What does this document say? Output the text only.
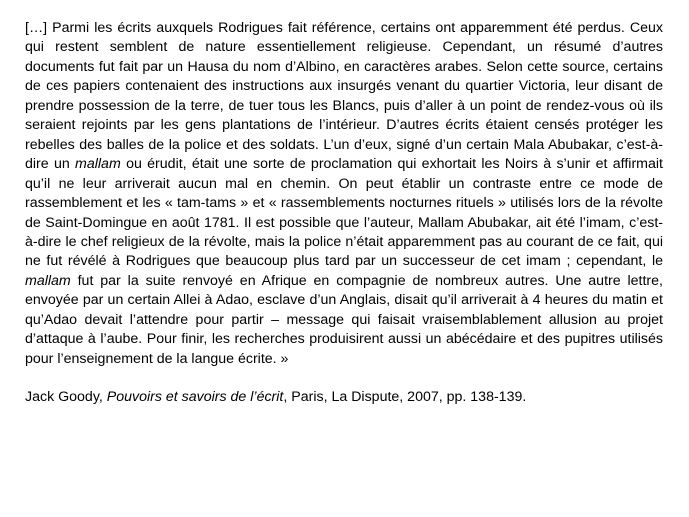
[…] Parmi les écrits auxquels Rodrigues fait référence, certains ont apparemment été perdus. Ceux qui restent semblent de nature essentiellement religieuse. Cependant, un résumé d’autres documents fut fait par un Hausa du nom d’Albino, en caractères arabes. Selon cette source, certains de ces papiers contenaient des instructions aux insurgés venant du quartier Victoria, leur disant de prendre possession de la terre, de tuer tous les Blancs, puis d’aller à un point de rendez-vous où ils seraient rejoints par les gens plantations de l’intérieur. D’autres écrits étaient censés protéger les rebelles des balles de la police et des soldats. L’un d’eux, signé d’un certain Mala Abubakar, c’est-à-dire un mallam ou érudit, était une sorte de proclamation qui exhortait les Noirs à s’unir et affirmait qu’il ne leur arriverait aucun mal en chemin. On peut établir un contraste entre ce mode de rassemblement et les « tam-tams » et « rassemblements nocturnes rituels » utilisés lors de la révolte de Saint-Domingue en août 1781. Il est possible que l’auteur, Mallam Abubakar, ait été l’imam, c’est-à-dire le chef religieux de la révolte, mais la police n’était apparemment pas au courant de ce fait, qui ne fut révélé à Rodrigues que beaucoup plus tard par un successeur de cet imam ; cependant, le mallam fut par la suite renvoyé en Afrique en compagnie de nombreux autres. Une autre lettre, envoyée par un certain Allei à Adao, esclave d’un Anglais, disait qu’il arriverait à 4 heures du matin et qu’Adao devait l’attendre pour partir – message qui faisait vraisemblablement allusion au projet d’attaque à l’aube. Pour finir, les recherches produisirent aussi un abécédaire et des pupitres utilisés pour l’enseignement de la langue écrite. »

Jack Goody, Pouvoirs et savoirs de l’écrit, Paris, La Dispute, 2007, pp. 138-139.
